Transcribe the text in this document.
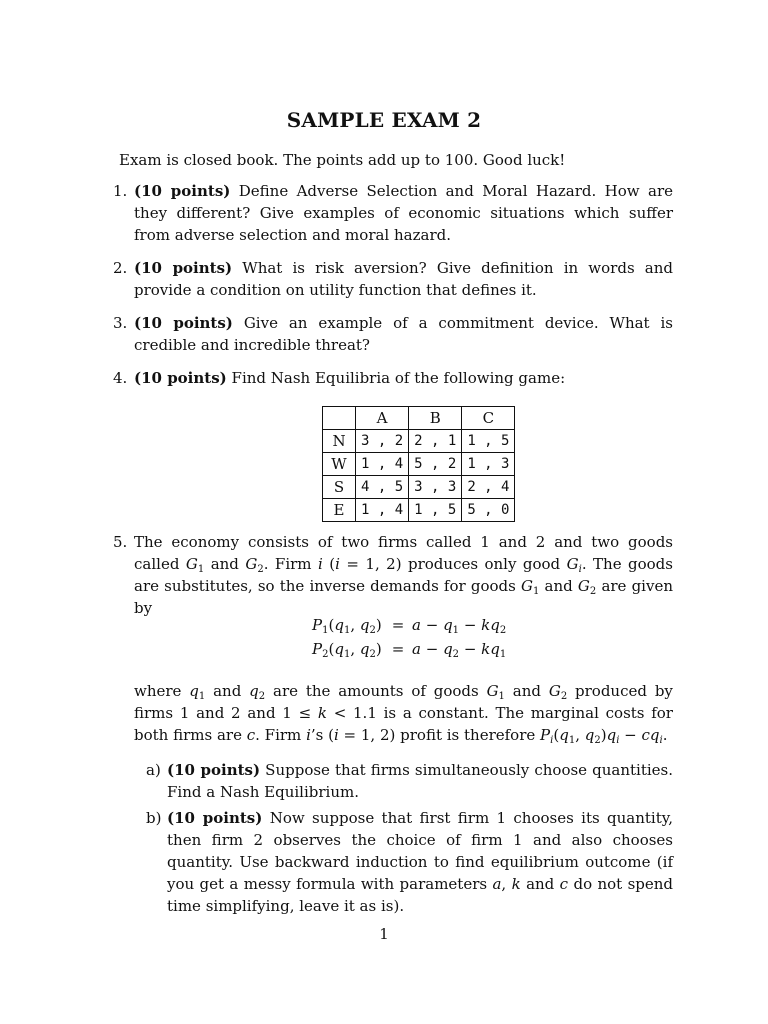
SAMPLE EXAM 2
Exam is closed book. The points add up to 100. Good luck!
1. (10 points) Define Adverse Selection and Moral Hazard. How are they different? Give examples of economic situations which suffer from adverse selection and moral hazard.
2. (10 points) What is risk aversion? Give definition in words and provide a condition on utility function that defines it.
3. (10 points) Give an example of a commitment device. What is credible and incredible threat?
4. (10 points) Find Nash Equilibria of the following game:
	A	B	C
N	3 , 2	2 , 1	1 , 5
W	1 , 4	5 , 2	1 , 3
S	4 , 5	3 , 3	2 , 4
E	1 , 4	1 , 5	5 , 0
5. The economy consists of two firms called 1 and 2 and two goods called $G_1$ and $G_2$. Firm i (i = 1, 2) produces only good $G_i$. The goods are substitutes, so the inverse demands for goods $G_1$ and $G_2$ are given by
$P_1(q_1$, $q_2) = a - q_1 - kq_2$
$P_2(q_1$, $q_2) = a - q_2 - kq_1$
where $q_1$ and $q_2$ are the amounts of goods $G_1$ and $G_2$ produced by firms 1 and 2 and 1 ≤ k < 1.1 is a constant. The marginal costs for both firms are c. Firm i’s (i = 1, 2) profit is therefore $P_i(q_1$, $q_2)q_i - cq_i$.
a) (10 points) Suppose that firms simultaneously choose quantities. Find a Nash Equilibrium.
b) (10 points) Now suppose that first firm 1 chooses its quantity, then firm 2 observes the choice of firm 1 and also chooses quantity. Use backward induction to find equilibrium outcome (if you get a messy formula with parameters a, k and c do not spend time simplifying, leave it as is).
1
